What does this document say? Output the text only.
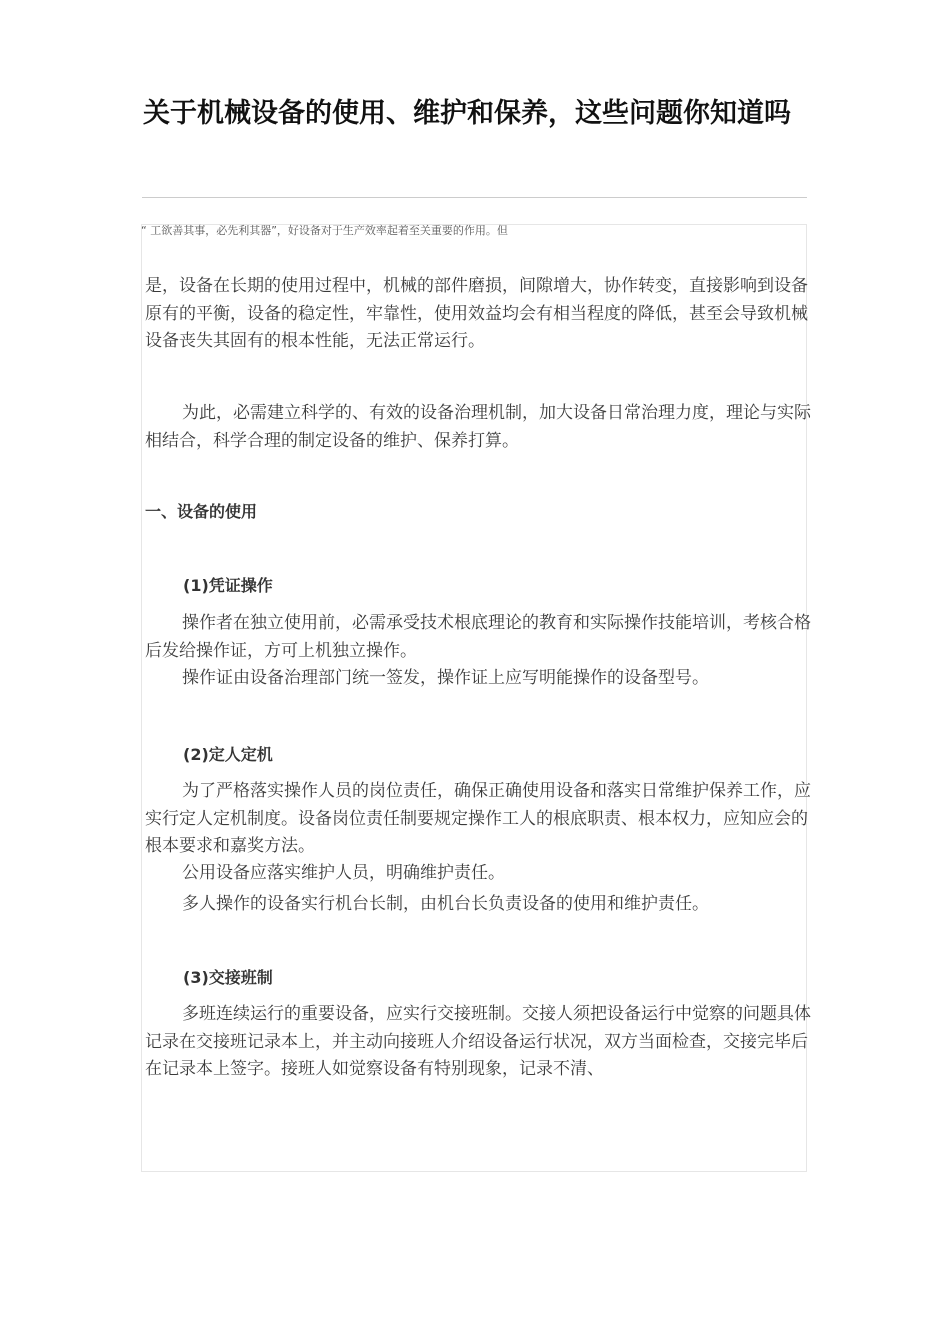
关于机械设备的使用、维护和保养，这些问题你知道吗

“ 工欲善其事，必先利其器”，好设备对于生产效率起着至关重要的作用。但

是，设备在长期的使用过程中，机械的部件磨损，间隙增大，协作转变，直接影响到设备原有的平衡，设备的稳定性，牢靠性，使用效益均会有相当程度的降低，甚至会导致机械设备丧失其固有的根本性能，无法正常运行。

为此，必需建立科学的、有效的设备治理机制，加大设备日常治理力度，理论与实际相结合，科学合理的制定设备的维护、保养打算。

一、设备的使用
(1)凭证操作

操作者在独立使用前，必需承受技术根底理论的教育和实际操作技能培训，考核合格后发给操作证，方可上机独立操作。

操作证由设备治理部门统一签发，操作证上应写明能操作的设备型号。

(2)定人定机

为了严格落实操作人员的岗位责任，确保正确使用设备和落实日常维护保养工作，应实行定人定机制度。设备岗位责任制要规定操作工人的根底职责、根本权力，应知应会的根本要求和嘉奖方法。

公用设备应落实维护人员，明确维护责任。

多人操作的设备实行机台长制，由机台长负责设备的使用和维护责任。

(3)交接班制

多班连续运行的重要设备，应实行交接班制。交接人须把设备运行中觉察的问题具体记录在交接班记录本上，并主动向接班人介绍设备运行状况，双方当面检查，交接完毕后在记录本上签字。接班人如觉察设备有特别现象，记录不清、
